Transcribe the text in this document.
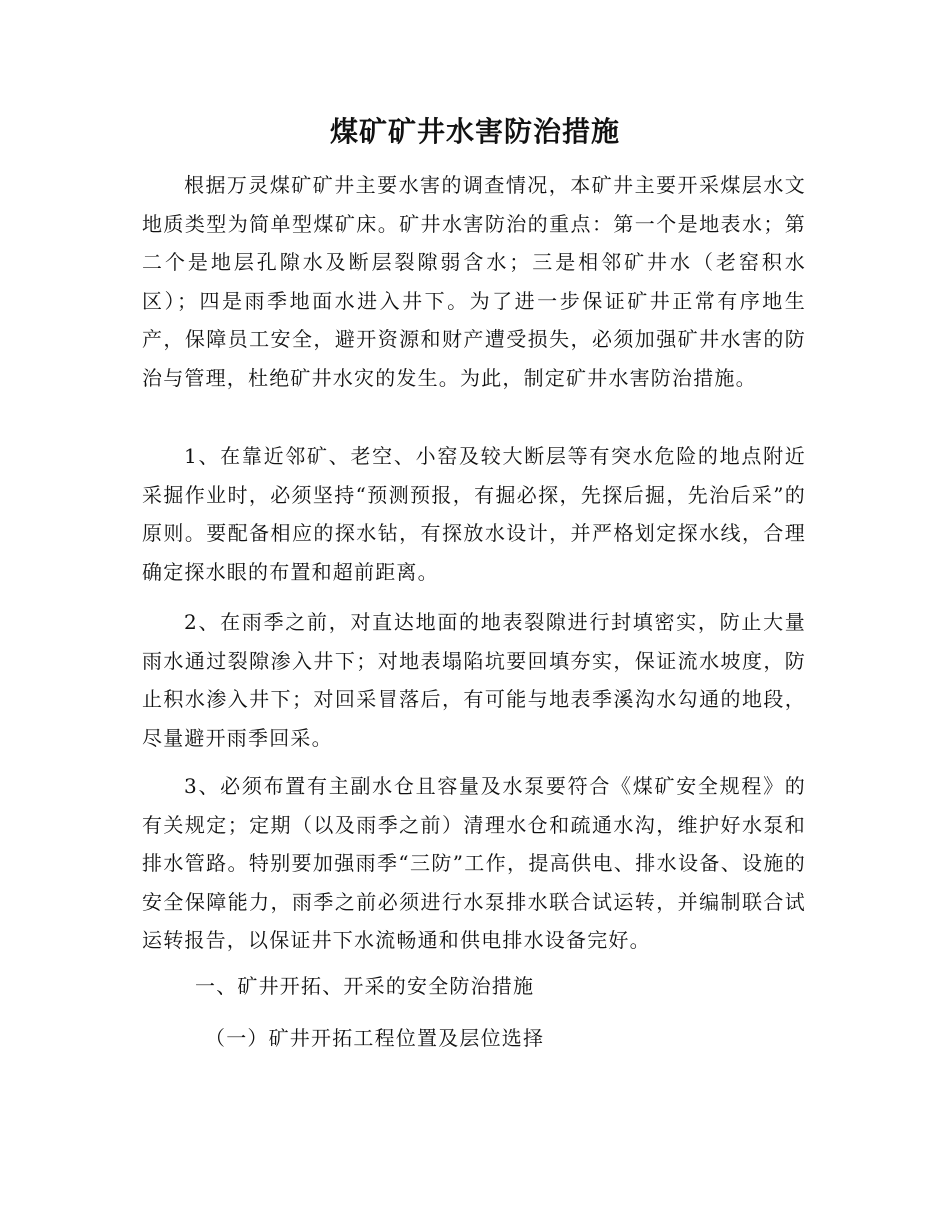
煤矿矿井水害防治措施
根据万灵煤矿矿井主要水害的调查情况，本矿井主要开采煤层水文地质类型为简单型煤矿床。矿井水害防治的重点：第一个是地表水；第二个是地层孔隙水及断层裂隙弱含水；三是相邻矿井水（老窑积水区）；四是雨季地面水进入井下。为了进一步保证矿井正常有序地生产，保障员工安全，避开资源和财产遭受损失，必须加强矿井水害的防治与管理，杜绝矿井水灾的发生。为此，制定矿井水害防治措施。
1、在靠近邻矿、老空、小窑及较大断层等有突水危险的地点附近采掘作业时，必须坚持“预测预报，有掘必探，先探后掘，先治后采”的原则。要配备相应的探水钻，有探放水设计，并严格划定探水线，合理确定探水眼的布置和超前距离。
2、在雨季之前，对直达地面的地表裂隙进行封填密实，防止大量雨水通过裂隙渗入井下；对地表塌陷坑要回填夯实，保证流水坡度，防止积水渗入井下；对回采冒落后，有可能与地表季溪沟水勾通的地段，尽量避开雨季回采。
3、必须布置有主副水仓且容量及水泵要符合《煤矿安全规程》的有关规定；定期（以及雨季之前）清理水仓和疏通水沟，维护好水泵和排水管路。特别要加强雨季“三防”工作，提高供电、排水设备、设施的安全保障能力，雨季之前必须进行水泵排水联合试运转，并编制联合试运转报告，以保证井下水流畅通和供电排水设备完好。
一、矿井开拓、开采的安全防治措施
（一）矿井开拓工程位置及层位选择
